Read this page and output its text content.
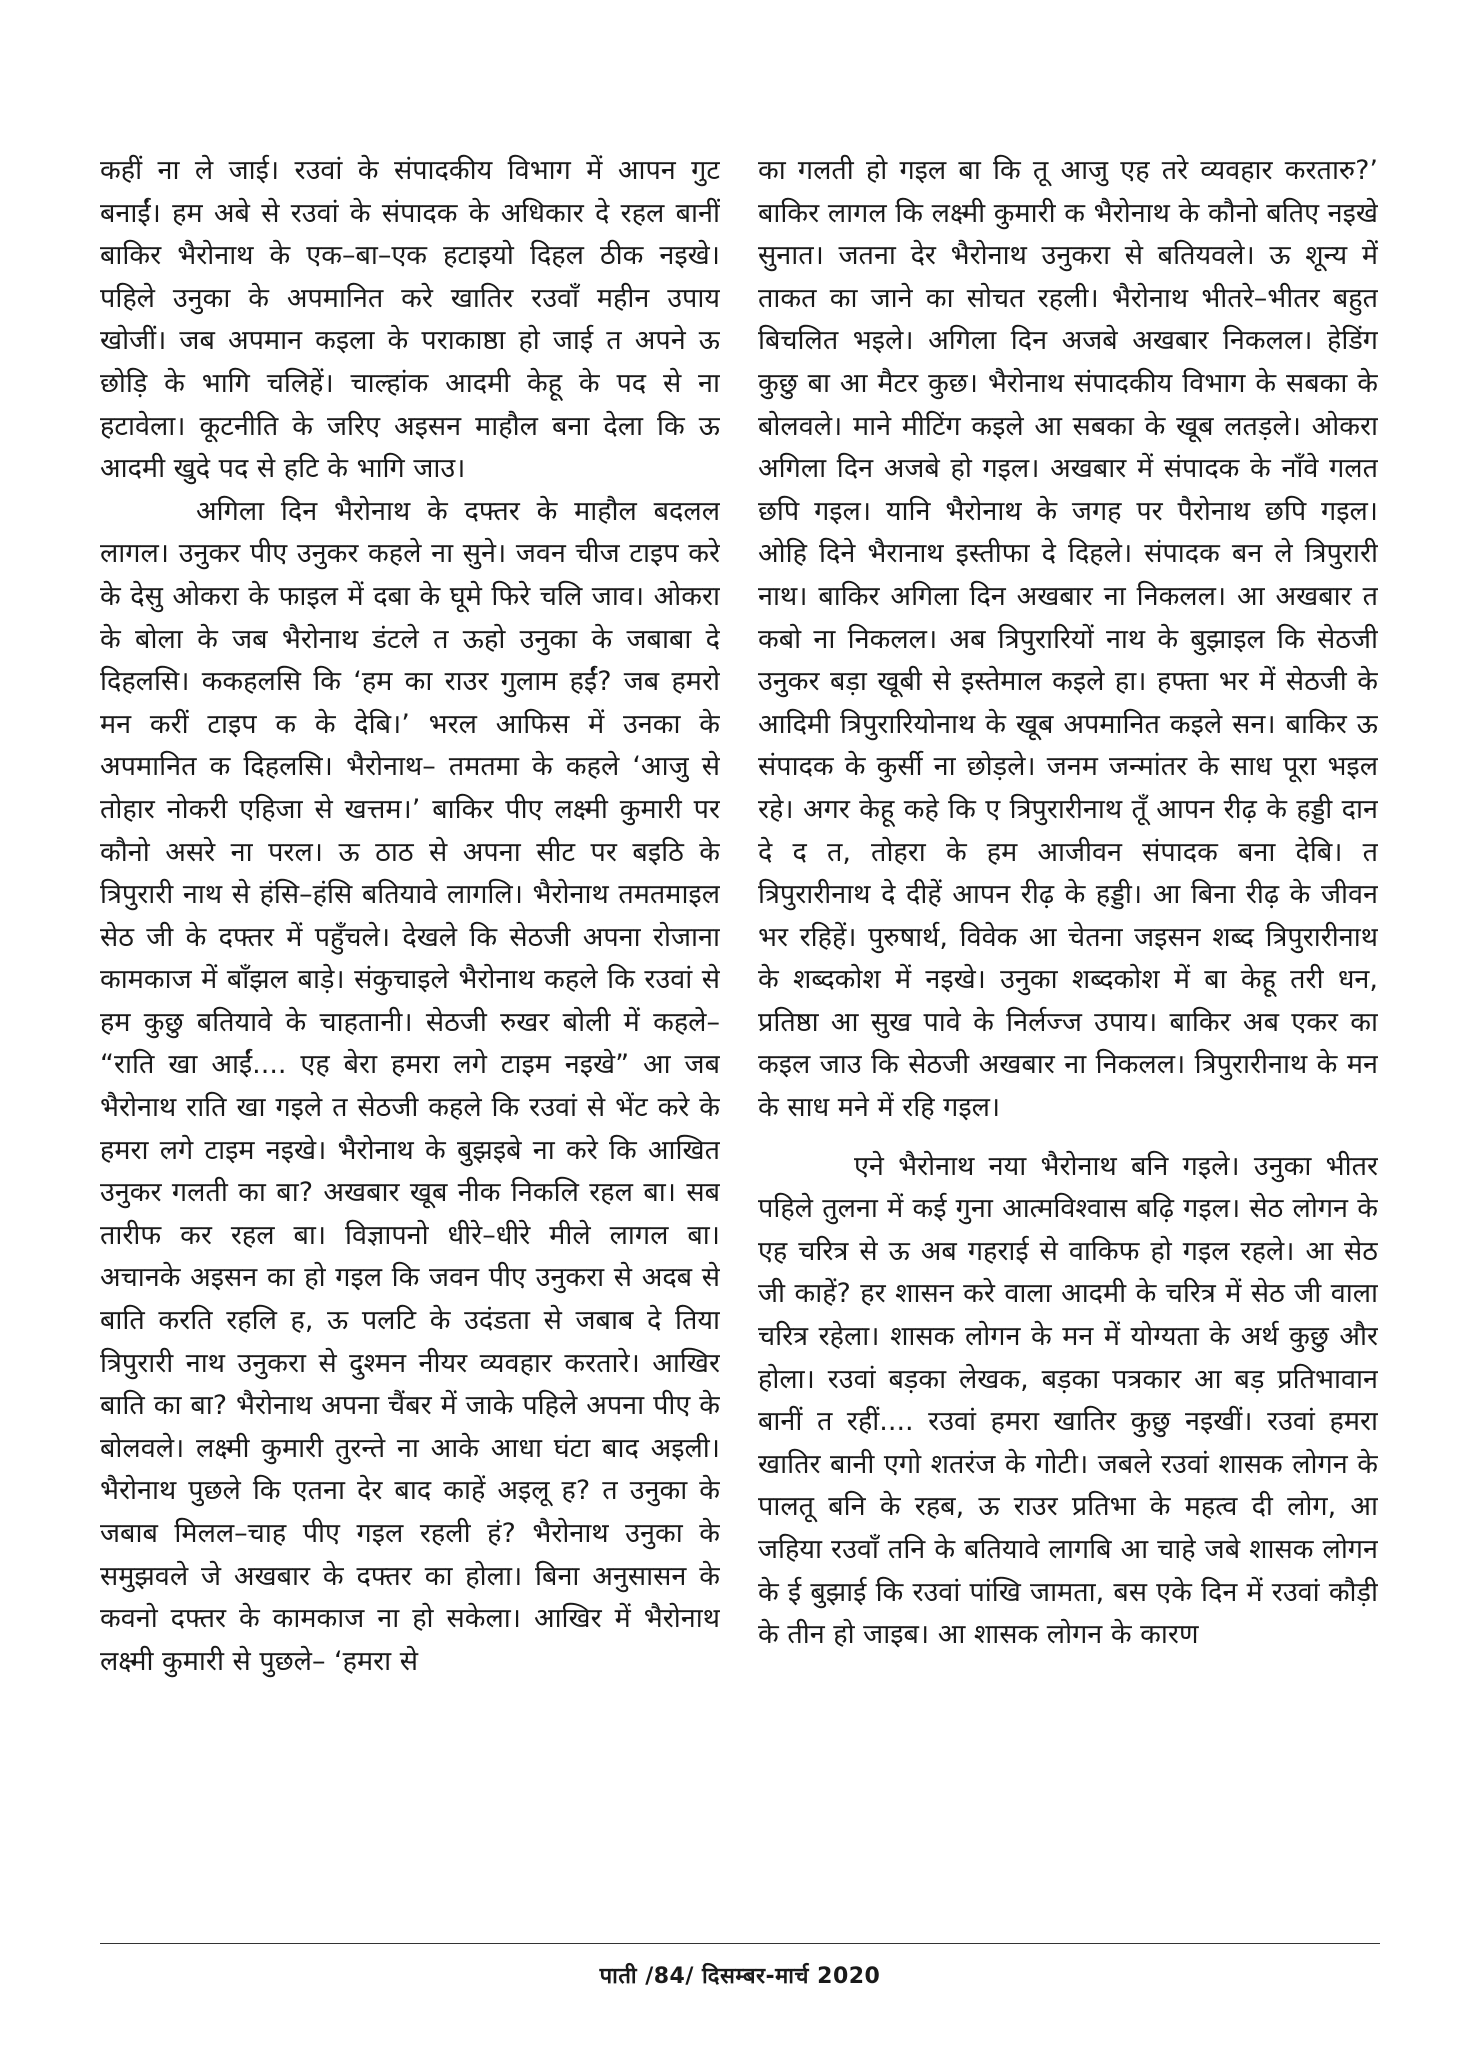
कहीं ना ले जाई। रउवां के संपादकीय विभाग में आपन गुट बनाईं। हम अबे से रउवां के संपादक के अधिकार दे रहल बानीं बाकिर भैरोनाथ के एक–बा–एक हटाइयो दिहल ठीक नइखे। पहिले उनुका के अपमानित करे खातिर रउवाँ महीन उपाय खोजीं। जब अपमान कइला के पराकाष्ठा हो जाई त अपने ऊ छोड़ि के भागि चलिहें। चाल्हांक आदमी केहू के पद से ना हटावेला। कूटनीति के जरिए अइसन माहौल बना देला कि ऊ आदमी खुदे पद से हटि के भागि जाउ।

अगिला दिन भैरोनाथ के दफ्तर के माहौल बदलल लागल। उनुकर पीए उनुकर कहले ना सुने। जवन चीज टाइप करे के देसु ओकरा के फाइल में दबा के घूमे फिरे चलि जाव। ओकरा के बोला के जब भैरोनाथ डंटले त ऊहो उनुका के जबाबा दे दिहलसि। ककहलसि कि ‘हम का राउर गुलाम हईं? जब हमरो मन करीं टाइप क के देबि।’ भरल आफिस में उनका के अपमानित क दिहलसि। भैरोनाथ– तमतमा के कहले ‘आजु से तोहार नोकरी एहिजा से खत्तम।’ बाकिर पीए लक्ष्मी कुमारी पर कौनो असरे ना परल। ऊ ठाठ से अपना सीट पर बइठि के त्रिपुरारी नाथ से हंसि–हंसि बतियावे लागलि। भैरोनाथ तमतमाइल सेठ जी के दफ्तर में पहुँचले। देखले कि सेठजी अपना रोजाना कामकाज में बाँझल बाड़े। संकुचाइले भैरोनाथ कहले कि रउवां से हम कुछु बतियावे के चाहतानी। सेठजी रुखर बोली में कहले– “राति खा आईं.... एह बेरा हमरा लगे टाइम नइखे” आ जब भैरोनाथ राति खा गइले त सेठजी कहले कि रउवां से भेंट करे के हमरा लगे टाइम नइखे। भैरोनाथ के बुझइबे ना करे कि आखित उनुकर गलती का बा? अखबार खूब नीक निकलि रहल बा। सब तारीफ कर रहल बा। विज्ञापनो धीरे–धीरे मीले लागल बा। अचानके अइसन का हो गइल कि जवन पीए उनुकरा से अदब से बाति करति रहलि ह, ऊ पलटि के उदंडता से जबाब दे तिया त्रिपुरारी नाथ उनुकरा से दुश्मन नीयर व्यवहार करतारे। आखिर बाति का बा? भैरोनाथ अपना चैंबर में जाके पहिले अपना पीए के बोलवले। लक्ष्मी कुमारी तुरन्ते ना आके आधा घंटा बाद अइली। भैरोनाथ पुछले कि एतना देर बाद काहें अइलू ह? त उनुका के जबाब मिलल–चाह पीए गइल रहली हं? भैरोनाथ उनुका के समुझवले जे अखबार के दफ्तर का होला। बिना अनुसासन के कवनो दफ्तर के कामकाज ना हो सकेला। आखिर में भैरोनाथ लक्ष्मी कुमारी से पुछले– ‘हमरा से

का गलती हो गइल बा कि तू आजु एह तरे व्यवहार करतारु?’ बाकिर लागल कि लक्ष्मी कुमारी क भैरोनाथ के कौनो बतिए नइखे सुनात। जतना देर भैरोनाथ उनुकरा से बतियवले। ऊ शून्य में ताकत का जाने का सोचत रहली। भैरोनाथ भीतरे–भीतर बहुत बिचलित भइले। अगिला दिन अजबे अखबार निकलल। हेडिंग कुछु बा आ मैटर कुछ। भैरोनाथ संपादकीय विभाग के सबका के बोलवले। माने मीटिंग कइले आ सबका के खूब लतड़ले। ओकरा अगिला दिन अजबे हो गइल। अखबार में संपादक के नाँवे गलत छपि गइल। यानि भैरोनाथ के जगह पर पैरोनाथ छपि गइल। ओहि दिने भैरानाथ इस्तीफा दे दिहले। संपादक बन ले त्रिपुरारी नाथ। बाकिर अगिला दिन अखबार ना निकलल। आ अखबार त कबो ना निकलल। अब त्रिपुरारियों नाथ के बुझाइल कि सेठजी उनुकर बड़ा खूबी से इस्तेमाल कइले हा। हफ्ता भर में सेठजी के आदिमी त्रिपुरारियोनाथ के खूब अपमानित कइले सन। बाकिर ऊ संपादक के कुर्सी ना छोड़ले। जनम जन्मांतर के साध पूरा भइल रहे। अगर केहू कहे कि ए त्रिपुरारीनाथ तूँ आपन रीढ़ के हड्डी दान दे द त, तोहरा के हम आजीवन संपादक बना देबि। त त्रिपुरारीनाथ दे दीहें आपन रीढ़ के हड्डी। आ बिना रीढ़ के जीवन भर रहिहें। पुरुषार्थ, विवेक आ चेतना जइसन शब्द त्रिपुरारीनाथ के शब्दकोश में नइखे। उनुका शब्दकोश में बा केहू तरी धन, प्रतिष्ठा आ सुख पावे के निर्लज्ज उपाय। बाकिर अब एकर का कइल जाउ कि सेठजी अखबार ना निकलल। त्रिपुरारीनाथ के मन के साध मने में रहि गइल।

एने भैरोनाथ नया भैरोनाथ बनि गइले। उनुका भीतर पहिले तुलना में कई गुना आत्मविश्वास बढ़ि गइल। सेठ लोगन के एह चरित्र से ऊ अब गहराई से वाकिफ हो गइल रहले। आ सेठ जी काहें? हर शासन करे वाला आदमी के चरित्र में सेठ जी वाला चरित्र रहेला। शासक लोगन के मन में योग्यता के अर्थ कुछु और होला। रउवां बड़का लेखक, बड़का पत्रकार आ बड़ प्रतिभावान बानीं त रहीं.... रउवां हमरा खातिर कुछु नइखीं। रउवां हमरा खातिर बानी एगो शतरंज के गोटी। जबले रउवां शासक लोगन के पालतू बनि के रहब, ऊ राउर प्रतिभा के महत्व दी लोग, आ जहिया रउवाँ तनि के बतियावे लागबि आ चाहे जबे शासक लोगन के ई बुझाई कि रउवां पांखि जामता, बस एके दिन में रउवां कौड़ी के तीन हो जाइब। आ शासक लोगन के कारण

पाती /84/ दिसम्बर-मार्च 2020
